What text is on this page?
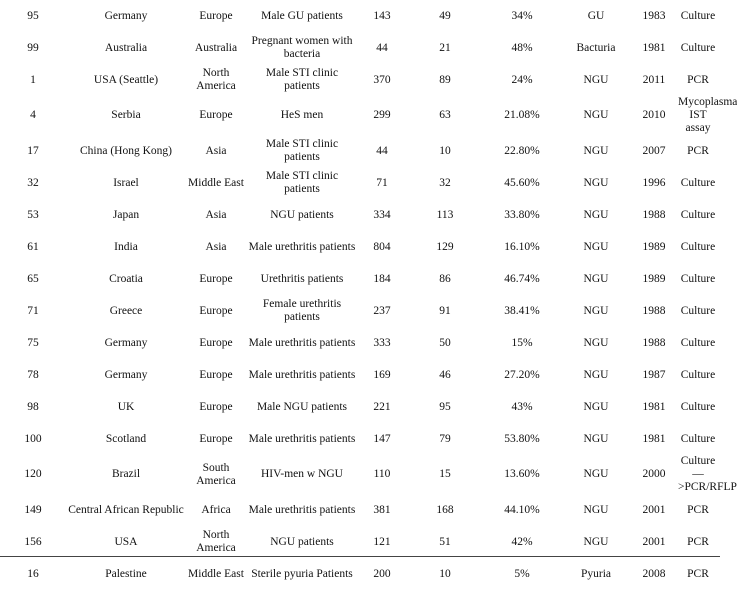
95	Germany	Europe	Male GU patients	143	49	34%	GU	1983	Culture
99	Australia	Australia	Pregnant women with bacteria	44	21	48%	Bacturia	1981	Culture
1	USA (Seattle)	North America	Male STI clinic patients	370	89	24%	NGU	2011	PCR
4	Serbia	Europe	HeS men	299	63	21.08%	NGU	2010	Mycoplasma IST assay
17	China (Hong Kong)	Asia	Male STI clinic patients	44	10	22.80%	NGU	2007	PCR
32	Israel	Middle East	Male STI clinic patients	71	32	45.60%	NGU	1996	Culture
53	Japan	Asia	NGU patients	334	113	33.80%	NGU	1988	Culture
61	India	Asia	Male urethritis patients	804	129	16.10%	NGU	1989	Culture
65	Croatia	Europe	Urethritis patients	184	86	46.74%	NGU	1989	Culture
71	Greece	Europe	Female urethritis patients	237	91	38.41%	NGU	1988	Culture
75	Germany	Europe	Male urethritis patients	333	50	15%	NGU	1988	Culture
78	Germany	Europe	Male urethritis patients	169	46	27.20%	NGU	1987	Culture
98	UK	Europe	Male NGU patients	221	95	43%	NGU	1981	Culture
100	Scotland	Europe	Male urethritis patients	147	79	53.80%	NGU	1981	Culture
120	Brazil	South America	HIV-men w NGU	110	15	13.60%	NGU	2000	Culture—>PCR/RFLP
149	Central African Republic	Africa	Male urethritis patients	381	168	44.10%	NGU	2001	PCR
156	USA	North America	NGU patients	121	51	42%	NGU	2001	PCR
16	Palestine	Middle East	Sterile pyuria Patients	200	10	5%	Pyuria	2008	PCR
